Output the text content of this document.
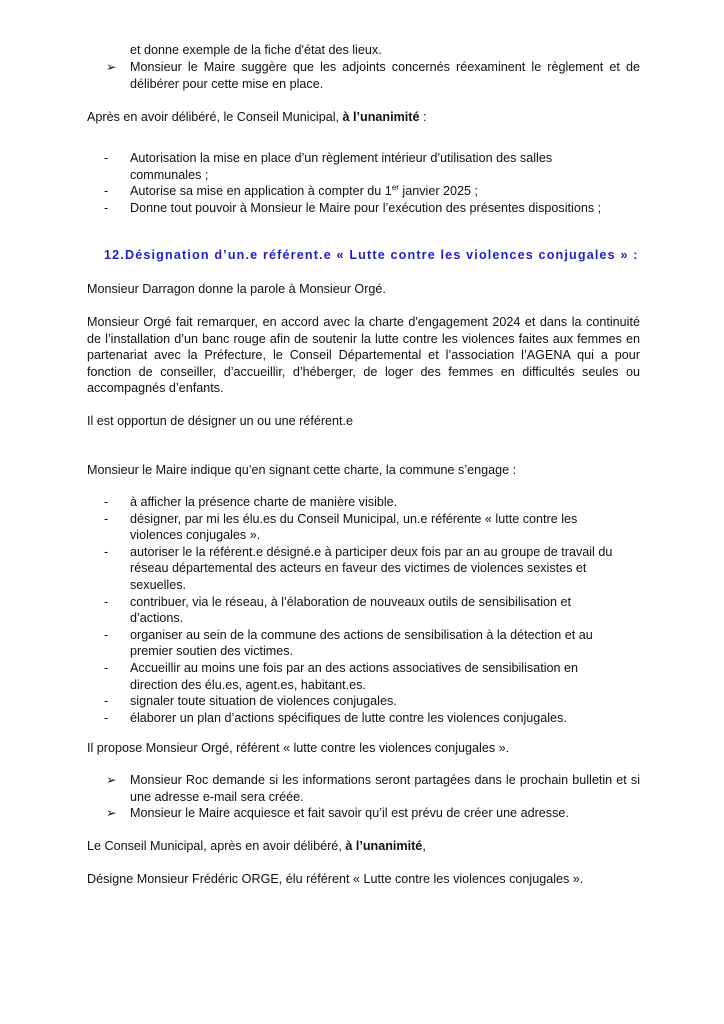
et donne exemple de la fiche d'état des lieux.
➢	Monsieur le Maire suggère que les adjoints concernés réexaminent le règlement et de délibérer pour cette mise en place.
Après en avoir délibéré, le Conseil Municipal, à l’unanimité :
- Autorisation la mise en place d’un règlement intérieur d’utilisation des salles communales ;
- Autorise sa mise en application à compter du 1er janvier 2025 ;
- Donne tout pouvoir à Monsieur le Maire pour l’exécution des présentes dispositions ;
12.Désignation d’un.e référent.e « Lutte contre les violences conjugales » :
Monsieur Darragon donne la parole à Monsieur Orgé.
Monsieur Orgé fait remarquer, en accord avec la charte d'engagement 2024 et dans la continuité de l’installation d’un banc rouge afin de soutenir la lutte contre les violences faites aux femmes en partenariat avec la Préfecture, le Conseil Départemental et l’association l’AGENA qui a pour fonction de conseiller, d’accueillir, d’héberger, de loger des femmes en difficultés seules ou accompagnés d’enfants.
Il est opportun de désigner un ou une référent.e
Monsieur le Maire indique qu’en signant cette charte, la commune s’engage :
- à afficher la présence charte de manière visible.
- désigner, par mi les élu.es du Conseil Municipal, un.e référente « lutte contre les violences conjugales ».
- autoriser le la référent.e désigné.e à participer deux fois par an au groupe de travail du réseau départemental des acteurs en faveur des victimes de violences sexistes et sexuelles.
- contribuer, via le réseau, à l’élaboration de nouveaux outils de sensibilisation et d’actions.
- organiser au sein de la commune des actions de sensibilisation à la détection et au premier soutien des victimes.
- Accueillir au moins une fois par an des actions associatives de sensibilisation en direction des élu.es, agent.es, habitant.es.
- signaler toute situation de violences conjugales.
- élaborer un plan d’actions spécifiques de lutte contre les violences conjugales.
Il propose Monsieur Orgé, référent « lutte contre les violences conjugales ».
➢	Monsieur Roc demande si les informations seront partagées dans le prochain bulletin et si une adresse e-mail sera créée.
➢	Monsieur le Maire acquiesce et fait savoir qu’il est prévu de créer une adresse.
Le Conseil Municipal, après en avoir délibéré, à l’unanimité,
Désigne Monsieur Frédéric ORGE, élu référent « Lutte contre les violences conjugales ».
